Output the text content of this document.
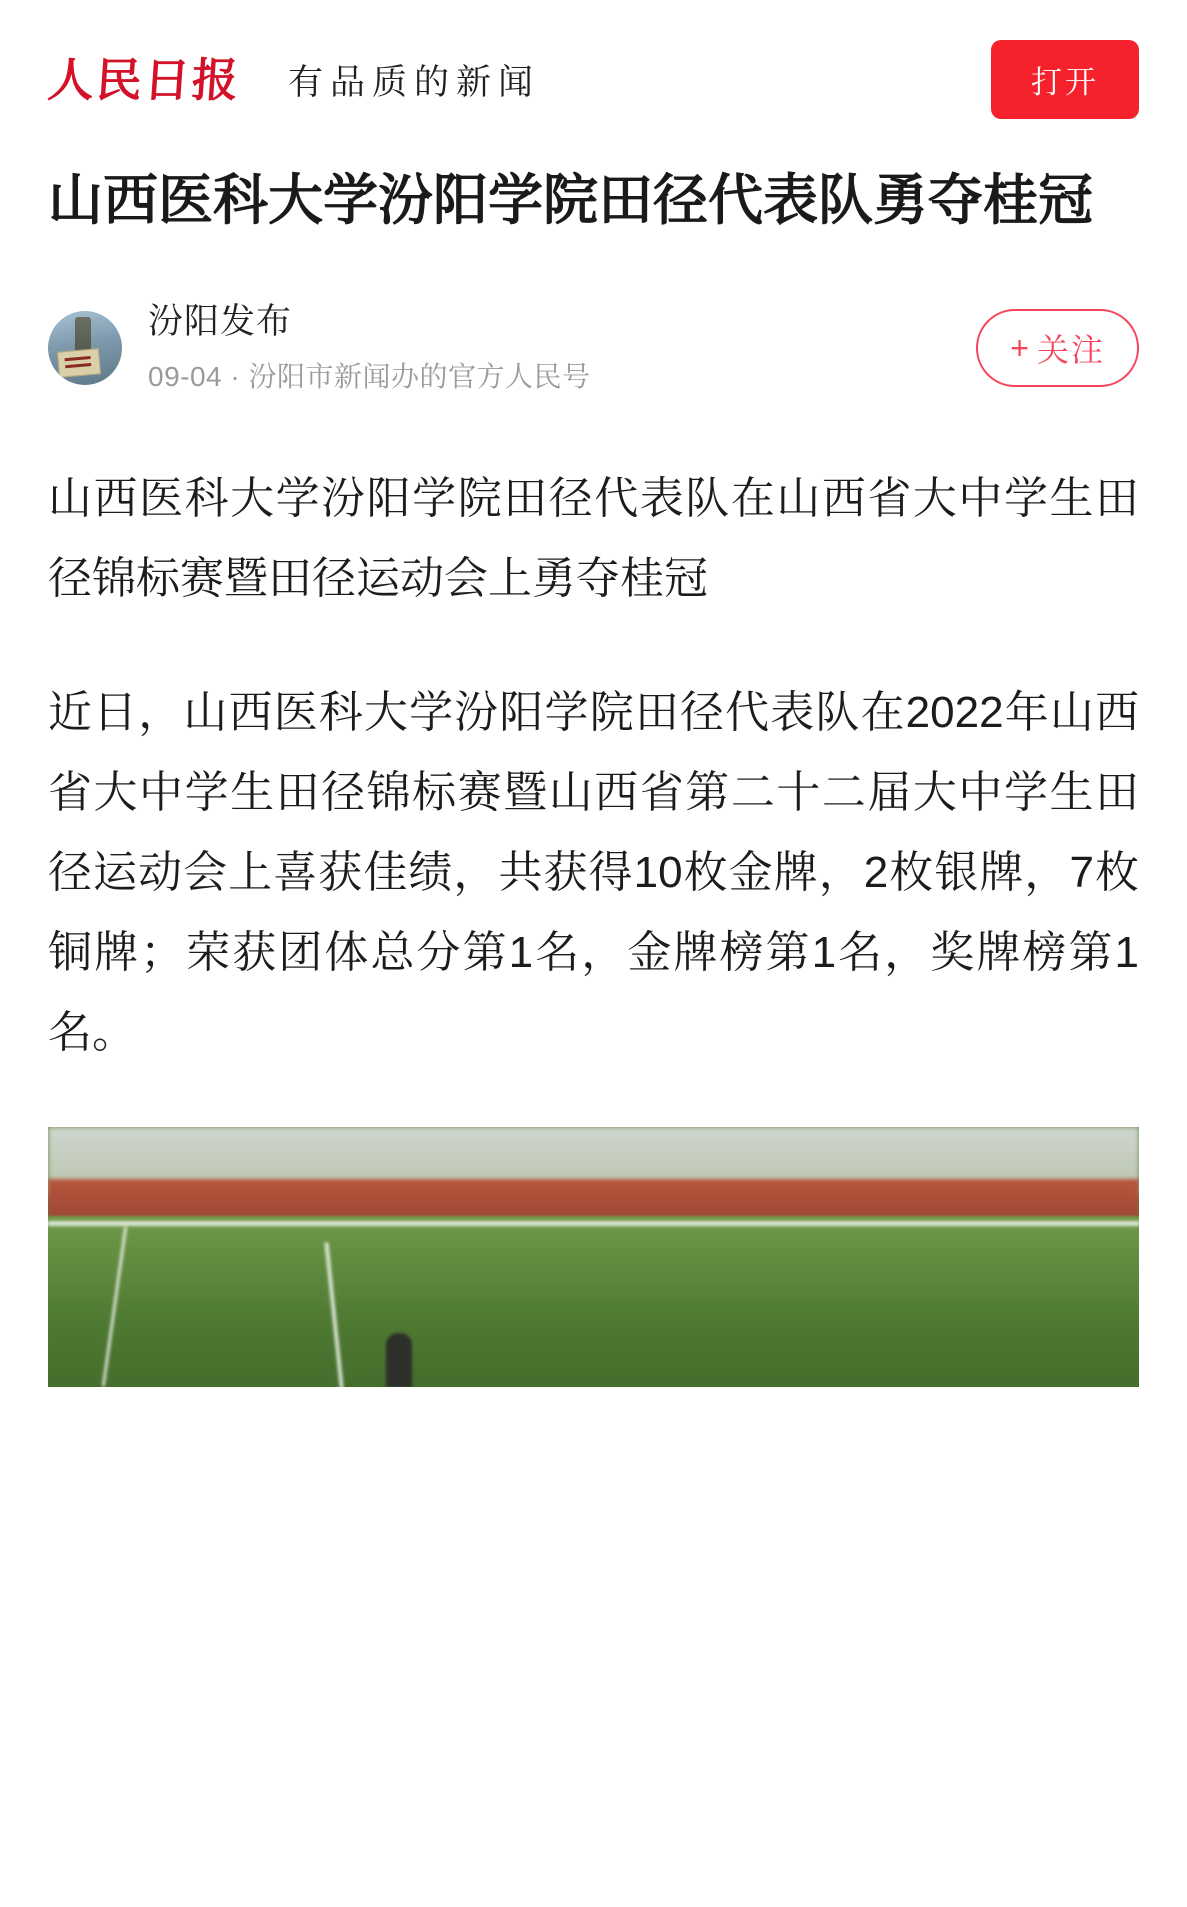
人民日报 有品质的新闻	打开
山西医科大学汾阳学院田径代表队勇夺桂冠
汾阳发布
09-04 · 汾阳市新闻办的官方人民号
+ 关注

山西医科大学汾阳学院田径代表队在山西省大中学生田径锦标赛暨田径运动会上勇夺桂冠

近日，山西医科大学汾阳学院田径代表队在2022年山西省大中学生田径锦标赛暨山西省第二十二届大中学生田径运动会上喜获佳绩，共获得10枚金牌，2枚银牌，7枚铜牌；荣获团体总分第1名，金牌榜第1名，奖牌榜第1名。
